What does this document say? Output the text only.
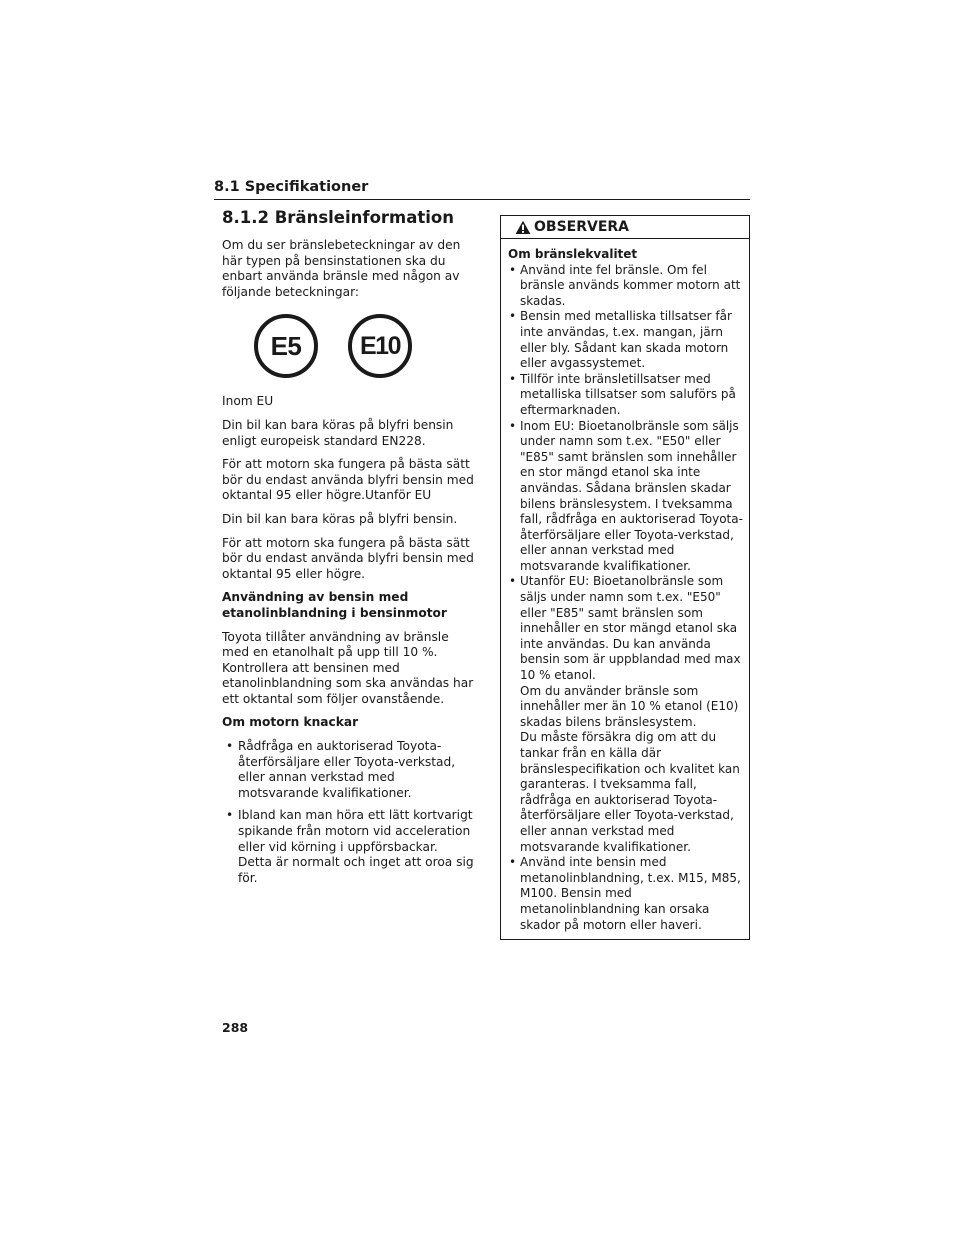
8.1 Specifikationer
8.1.2 Bränsleinformation

Om du ser bränslebeteckningar av den här typen på bensinstationen ska du enbart använda bränsle med någon av följande beteckningar:

E5	E10

Inom EU

Din bil kan bara köras på blyfri bensin enligt europeisk standard EN228.

För att motorn ska fungera på bästa sätt bör du endast använda blyfri bensin med oktantal 95 eller högre.Utanför EU

Din bil kan bara köras på blyfri bensin.

För att motorn ska fungera på bästa sätt bör du endast använda blyfri bensin med oktantal 95 eller högre.

Användning av bensin med etanolinblandning i bensinmotor

Toyota tillåter användning av bränsle med en etanolhalt på upp till 10 %. Kontrollera att bensinen med etanolinblandning som ska användas har ett oktantal som följer ovanstående.

Om motorn knackar

• Rådfråga en auktoriserad Toyota-återförsäljare eller Toyota-verkstad, eller annan verkstad med motsvarande kvalifikationer.
• Ibland kan man höra ett lätt kortvarigt spikande från motorn vid acceleration eller vid körning i uppförsbackar. Detta är normalt och inget att oroa sig för.
OBSERVERA
Om bränslekvalitet
• Använd inte fel bränsle. Om fel bränsle används kommer motorn att skadas.
• Bensin med metalliska tillsatser får inte användas, t.ex. mangan, järn eller bly. Sådant kan skada motorn eller avgassystemet.
• Tillför inte bränsletillsatser med metalliska tillsatser som saluförs på eftermarknaden.
• Inom EU: Bioetanolbränsle som säljs under namn som t.ex. "E50" eller "E85" samt bränslen som innehåller en stor mängd etanol ska inte användas. Sådana bränslen skadar bilens bränslesystem. I tveksamma fall, rådfråga en auktoriserad Toyota-återförsäljare eller Toyota-verkstad, eller annan verkstad med motsvarande kvalifikationer.
• Utanför EU: Bioetanolbränsle som säljs under namn som t.ex. "E50" eller "E85" samt bränslen som innehåller en stor mängd etanol ska inte användas. Du kan använda bensin som är uppblandad med max 10 % etanol.
Om du använder bränsle som innehåller mer än 10 % etanol (E10) skadas bilens bränslesystem.
Du måste försäkra dig om att du tankar från en källa där bränslespecifikation och kvalitet kan garanteras. I tveksamma fall, rådfråga en auktoriserad Toyota-återförsäljare eller Toyota-verkstad, eller annan verkstad med motsvarande kvalifikationer.
• Använd inte bensin med metanolinblandning, t.ex. M15, M85, M100. Bensin med metanolinblandning kan orsaka skador på motorn eller haveri.
288
